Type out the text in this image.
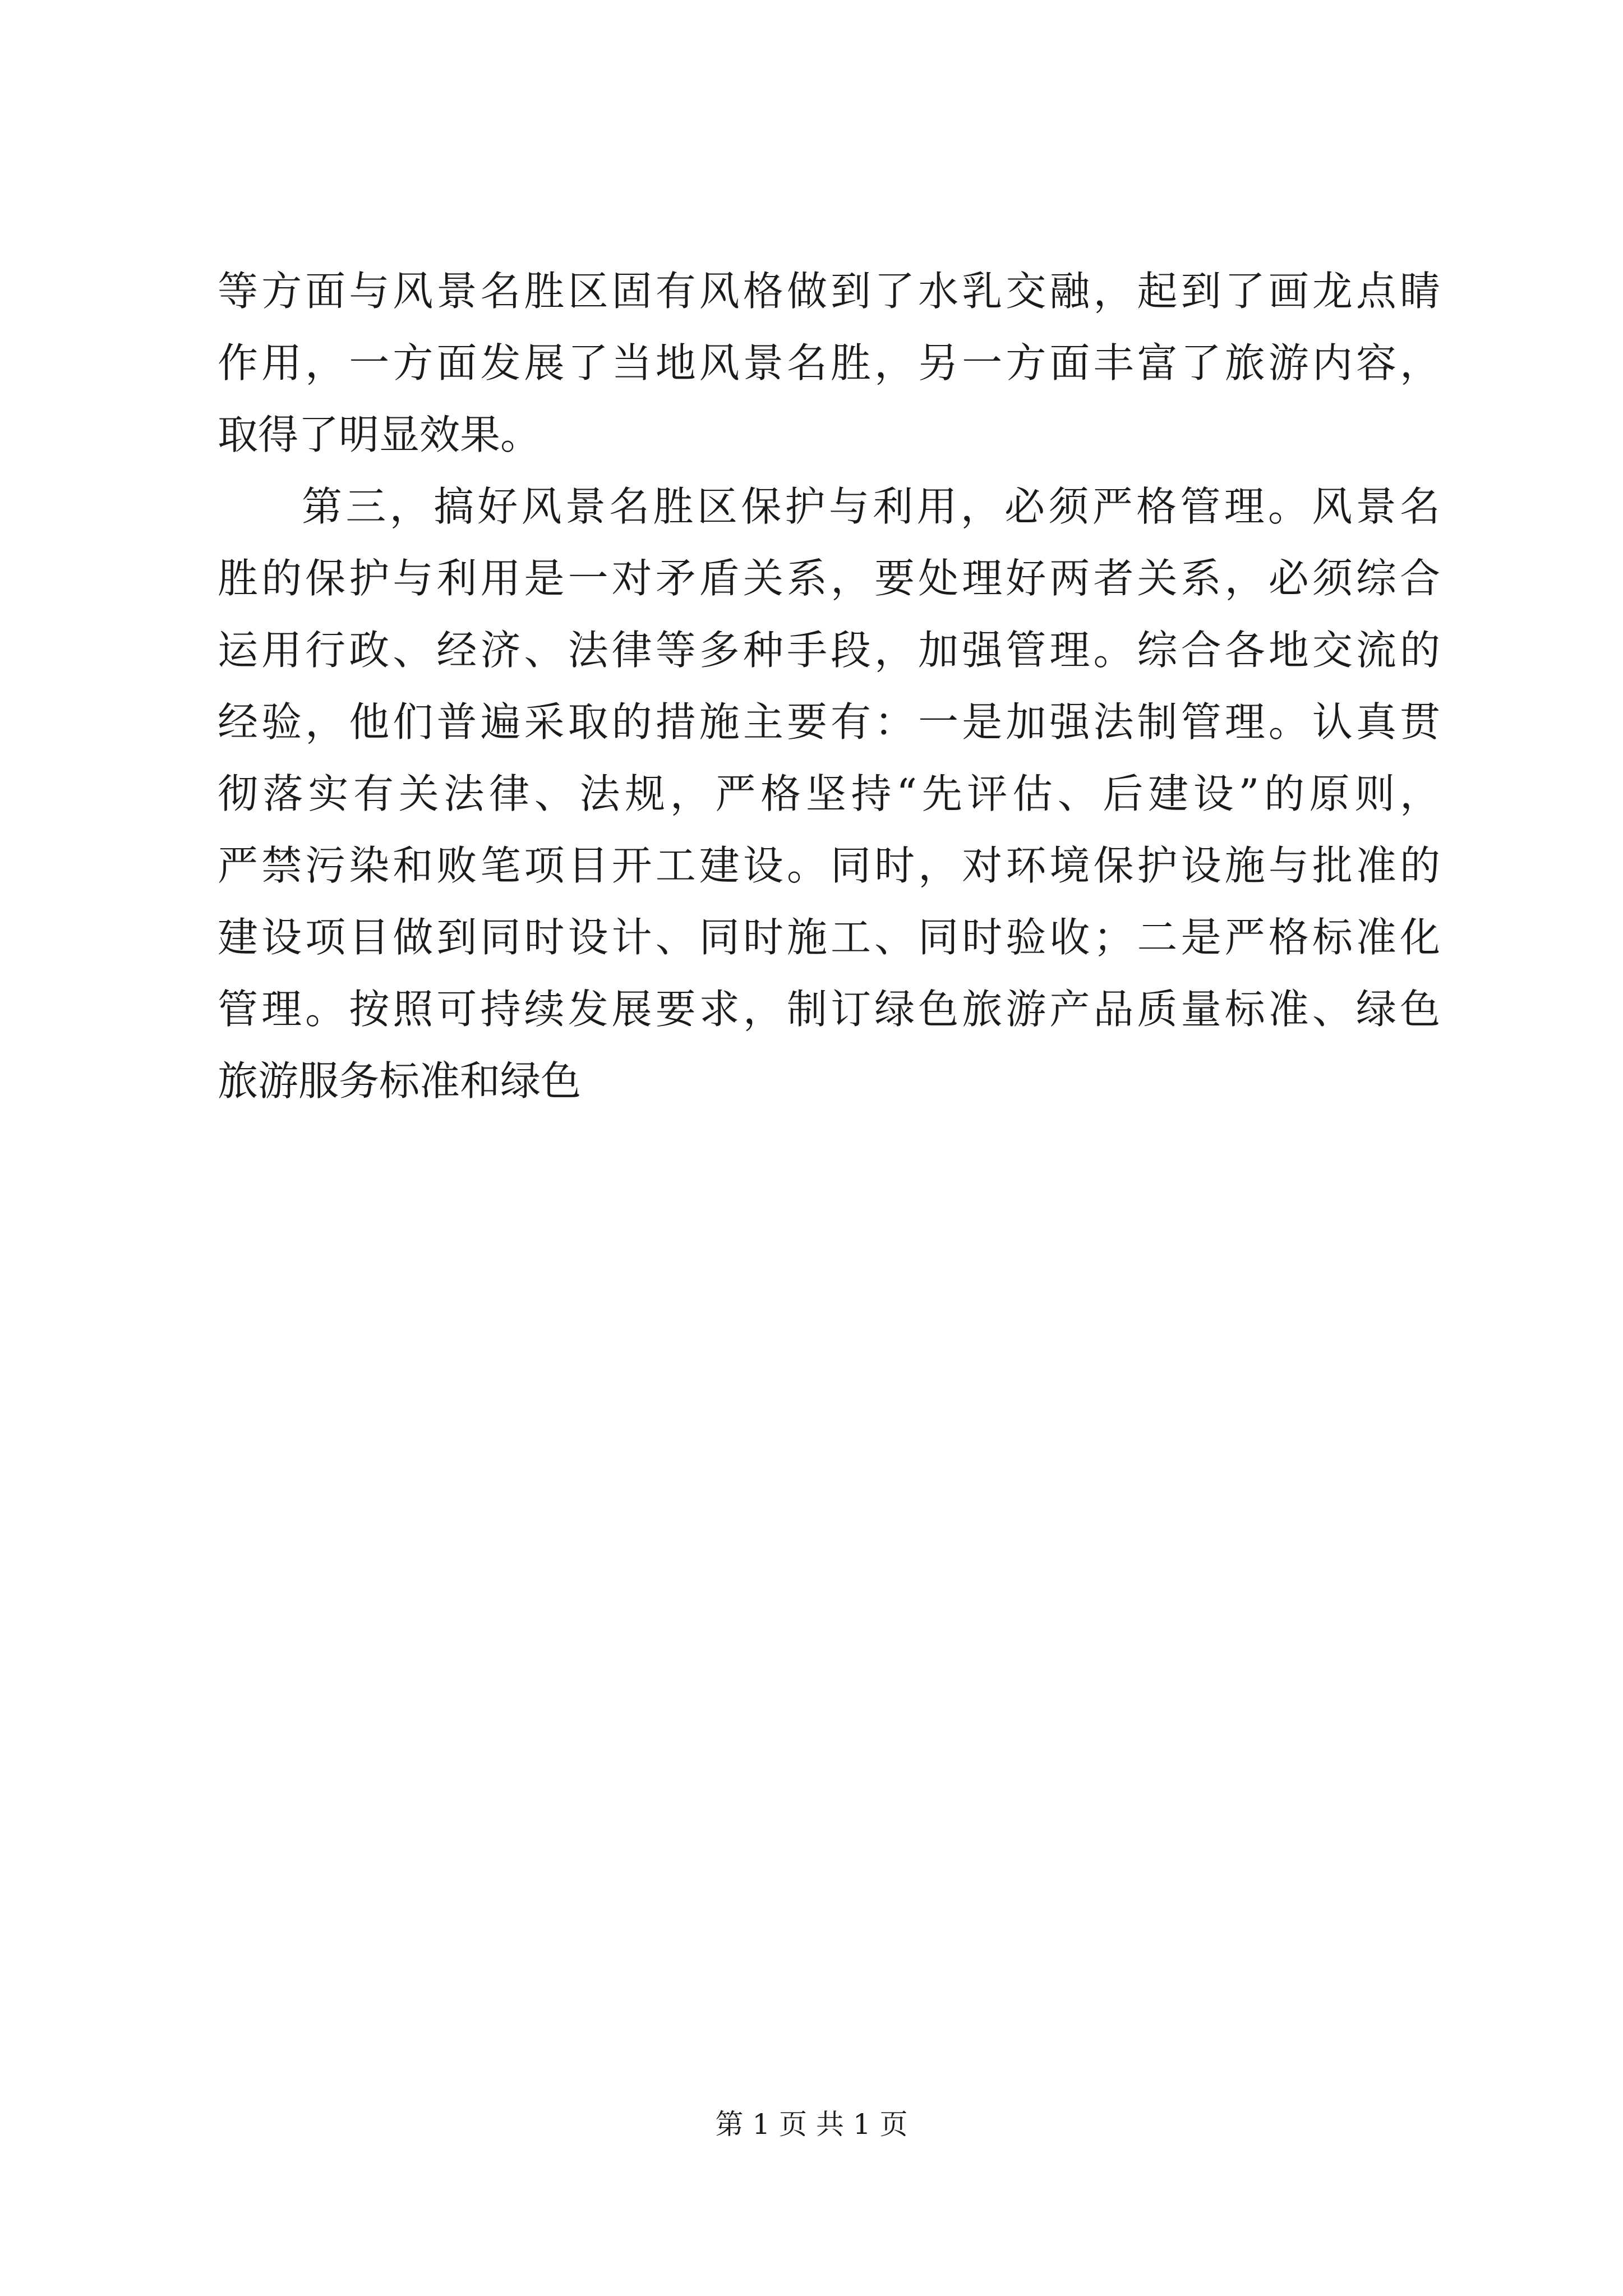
等方面与风景名胜区固有风格做到了水乳交融，起到了画龙点睛
作用，一方面发展了当地风景名胜，另一方面丰富了旅游内容，
取得了明显效果。
第三，搞好风景名胜区保护与利用，必须严格管理。风景名
胜的保护与利用是一对矛盾关系，要处理好两者关系，必须综合
运用行政、经济、法律等多种手段，加强管理。综合各地交流的
经验，他们普遍采取的措施主要有：一是加强法制管理。认真贯
彻落实有关法律、法规，严格坚持“先评估、后建设”的原则，
严禁污染和败笔项目开工建设。同时，对环境保护设施与批准的
建设项目做到同时设计、同时施工、同时验收；二是严格标准化
管理。按照可持续发展要求，制订绿色旅游产品质量标准、绿色
旅游服务标准和绿色
第 1 页 共 1 页
